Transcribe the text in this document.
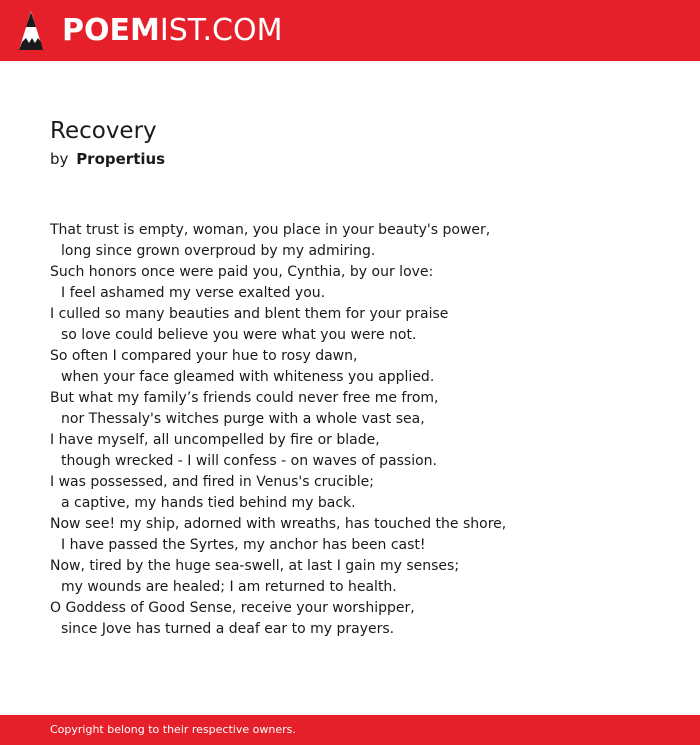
POEMIST.COM
Recovery
by Propertius
That trust is empty, woman, you place in your beauty's power,
long since grown overproud by my admiring.
Such honors once were paid you, Cynthia, by our love:
I feel ashamed my verse exalted you.
I culled so many beauties and blent them for your praise
so love could believe you were what you were not.
So often I compared your hue to rosy dawn,
when your face gleamed with whiteness you applied.
But what my family’s friends could never free me from,
nor Thessaly's witches purge with a whole vast sea,
I have myself, all uncompelled by fire or blade,
though wrecked - I will confess - on waves of passion.
I was possessed, and fired in Venus's crucible;
a captive, my hands tied behind my back.
Now see! my ship, adorned with wreaths, has touched the shore,
I have passed the Syrtes, my anchor has been cast!
Now, tired by the huge sea-swell, at last I gain my senses;
my wounds are healed; I am returned to health.
O Goddess of Good Sense, receive your worshipper,
since Jove has turned a deaf ear to my prayers.
Copyright belong to their respective owners.
